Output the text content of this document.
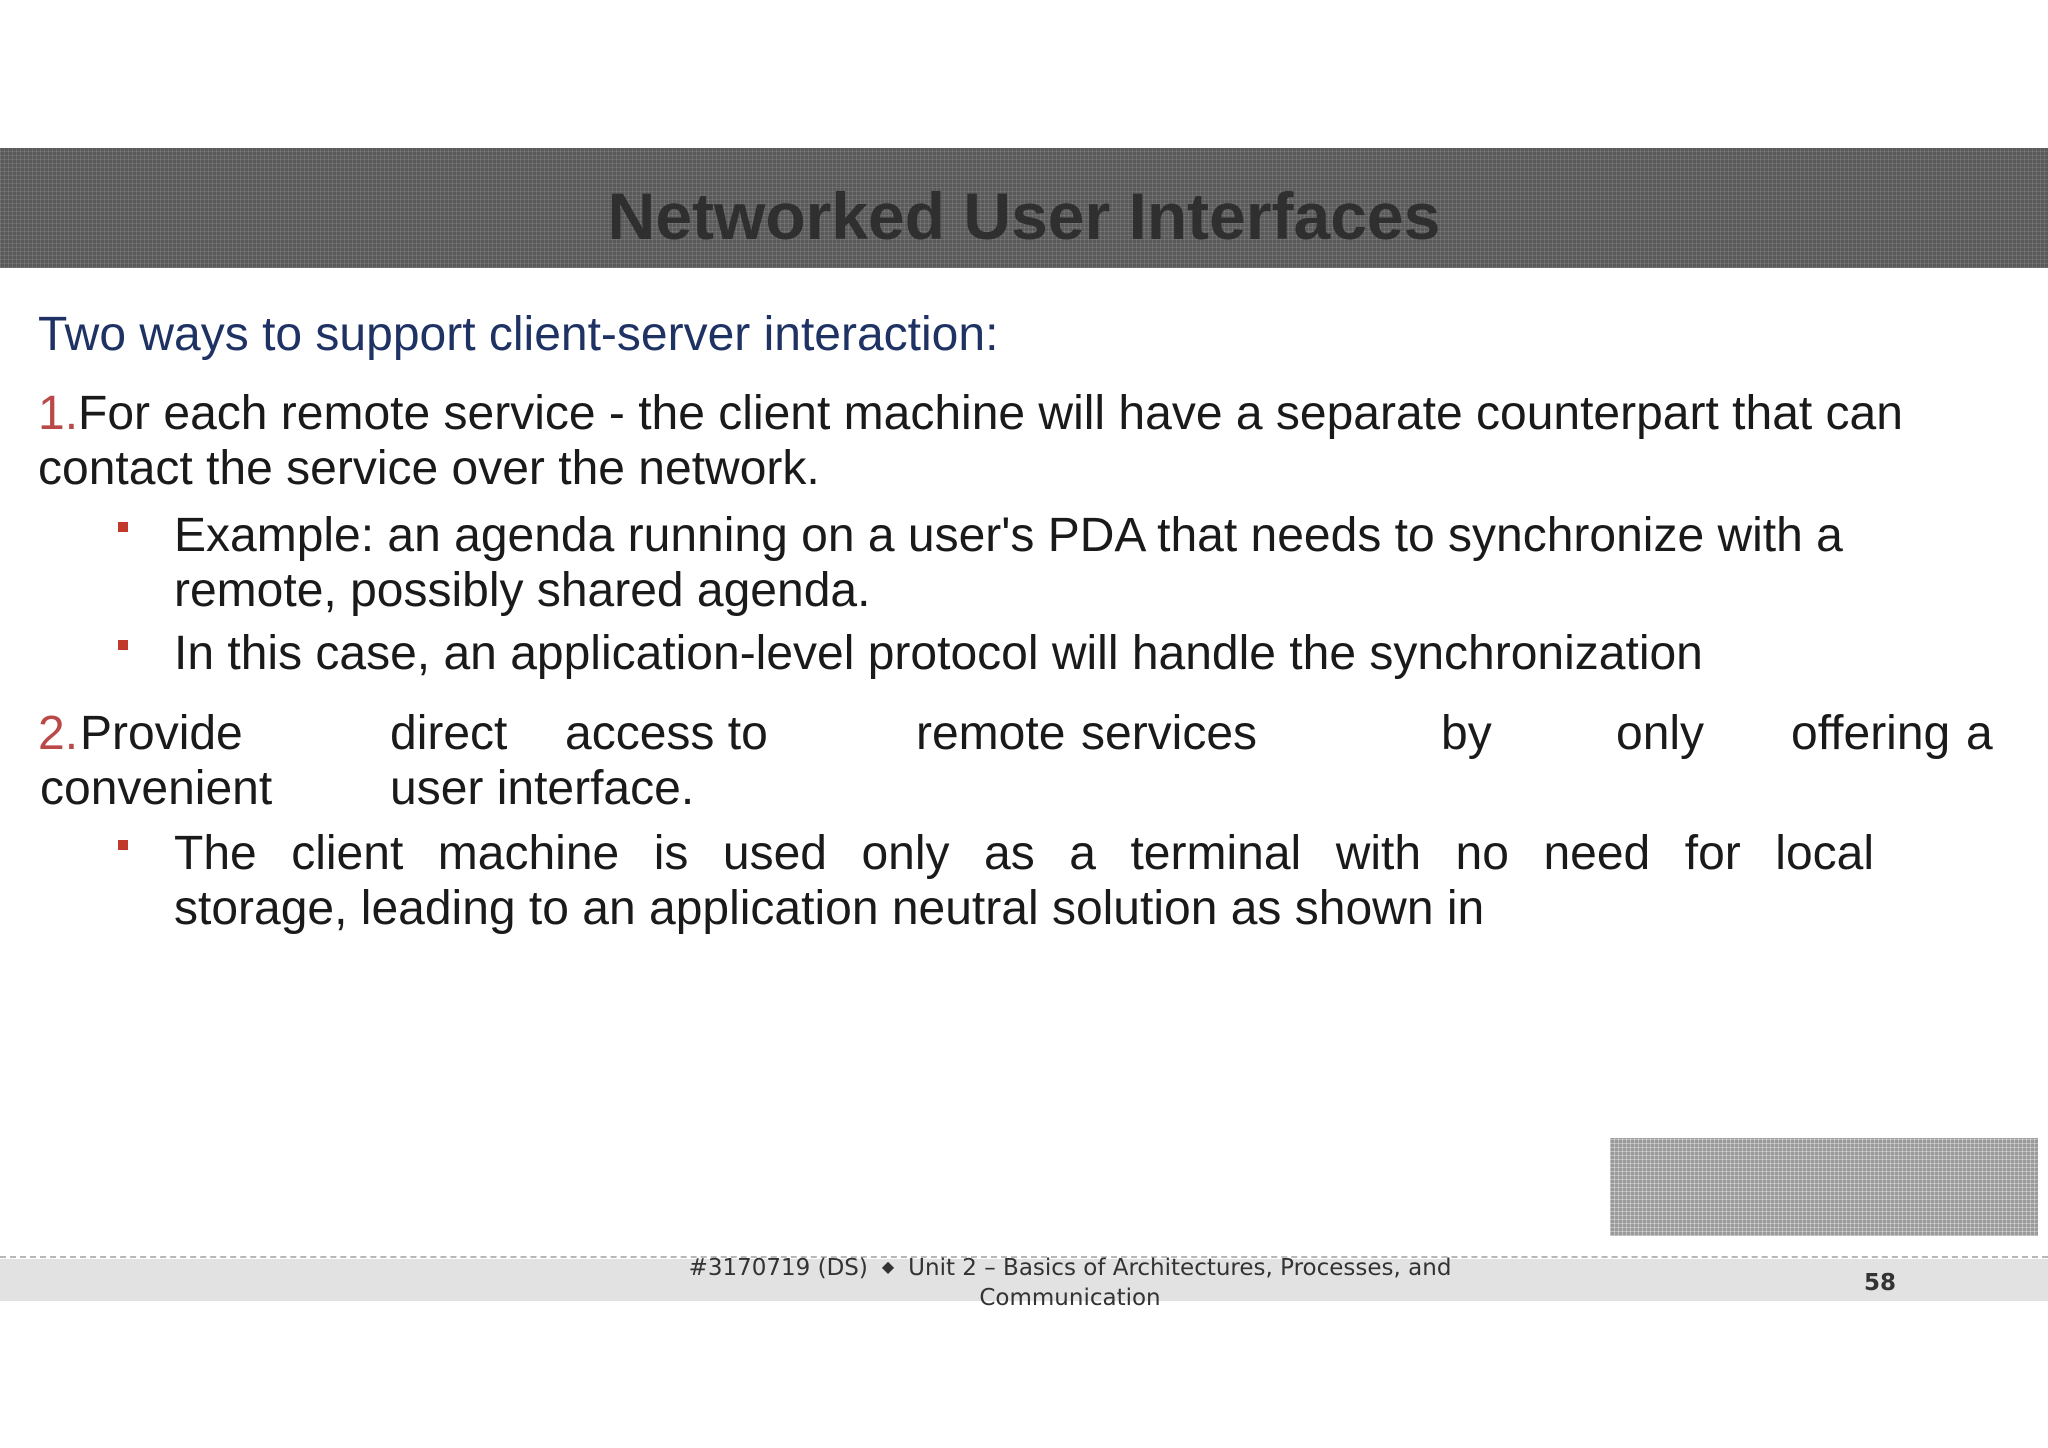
Networked User Interfaces
Two ways to support client-server interaction:
1.For each remote service - the client machine will have a separate counterpart that can contact the service over the network.
Example: an agenda running on a user's PDA that needs to synchronize with a remote, possibly shared agenda.
In this case, an application-level protocol will handle the synchronization
2. Provide	direct access to	remote services	by	only offering a
convenient user interface.
The client machine is used only as a terminal with no need for local
storage, leading to an application neutral solution as shown in
#3170719 (DS) ◆ Unit 2 – Basics of Architectures, Processes, and
Communication
58
